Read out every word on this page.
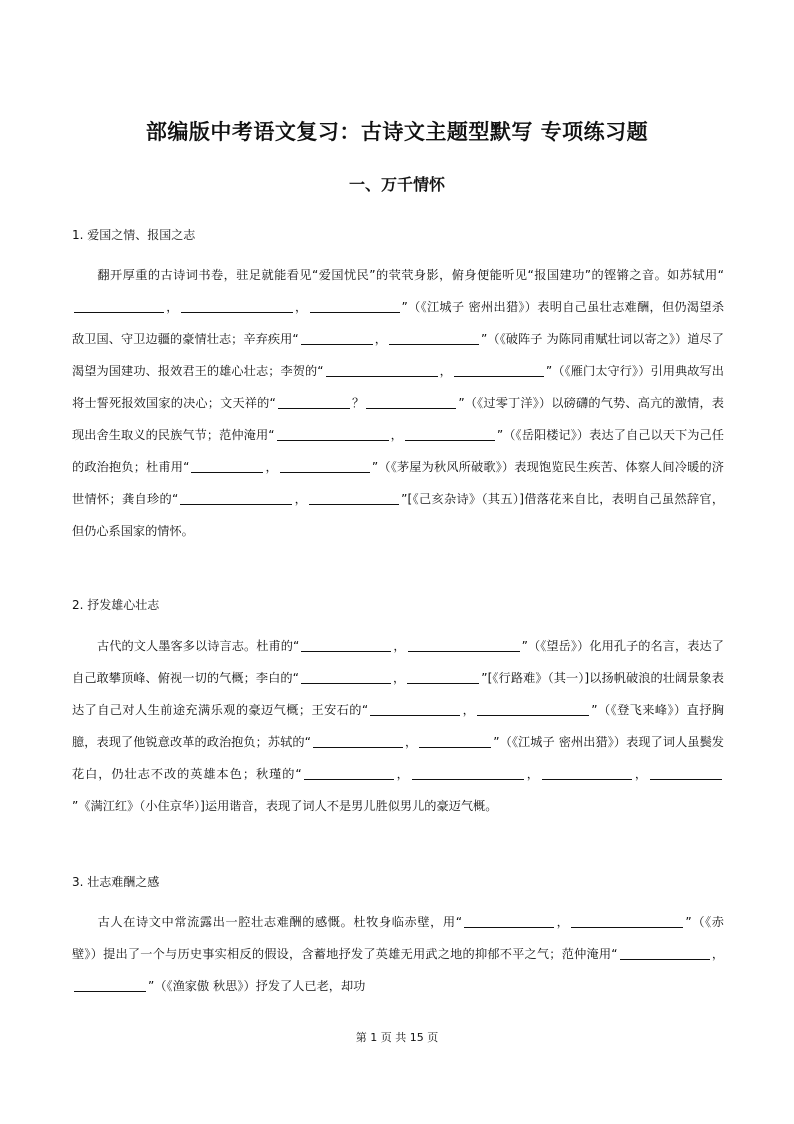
部编版中考语文复习：古诗文主题型默写 专项练习题
一、万千情怀
1. 爱国之情、报国之志
翻开厚重的古诗词书卷，驻足就能看见“爱国忧民”的茕茕身影，俯身便能听见“报国建功”的铿锵之音。如苏轼用“，	，	”（《江城子 密州出猎》）表明自己虽壮志难酬，但仍渴望杀敌卫国、守卫边疆的豪情壮志；辛弃疾用“	，	”（《破阵子 为陈同甫赋壮词以寄之》）道尽了渴望为国建功、报效君王的雄心壮志；李贺的“	，	”（《雁门太守行》）引用典故写出将士誓死报效国家的决心；文天祥的“	？	”（《过零丁洋》）以磅礴的气势、高亢的激情，表现出舍生取义的民族气节；范仲淹用“	，	”（《岳阳楼记》）表达了自己以天下为己任的政治抱负；杜甫用“	，	”（《茅屋为秋风所破歌》）表现饱览民生疾苦、体察人间冷暖的济世情怀；龚自珍的“	，	”[《己亥杂诗》（其五）]借落花来自比，表明自己虽然辞官，但仍心系国家的情怀。
2. 抒发雄心壮志
古代的文人墨客多以诗言志。杜甫的“	，	”（《望岳》）化用孔子的名言，表达了自己敢攀顶峰、俯视一切的气概；李白的“	，	”[《行路难》（其一）]以扬帆破浪的壮阔景象表达了自己对人生前途充满乐观的豪迈气概；王安石的“	，	”（《登飞来峰》）直抒胸臆，表现了他锐意改革的政治抱负；苏轼的“	，	”（《江城子 密州出猎》）表现了词人虽鬓发花白，仍壮志不改的英雄本色；秋瑾的“	，	，	，”《满江红》（小住京华）]运用谐音，表现了词人不是男儿胜似男儿的豪迈气概。
3. 壮志难酬之感
古人在诗文中常流露出一腔壮志难酬的感慨。杜牧身临赤壁，用“	，	”（《赤壁》）提出了一个与历史事实相反的假设，含蓄地抒发了英雄无用武之地的抑郁不平之气；范仲淹用“	，”（《渔家傲 秋思》）抒发了人已老，却功
第 1 页 共 15 页
